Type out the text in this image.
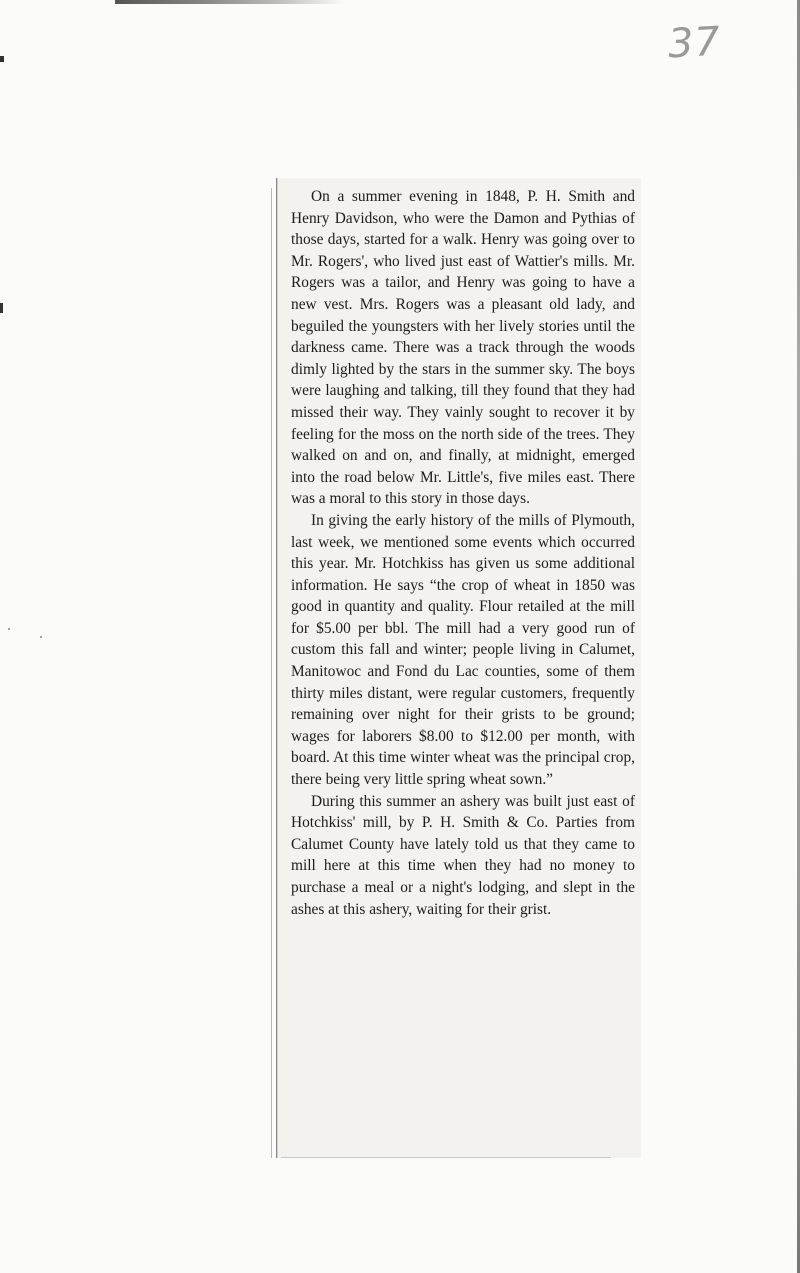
37

On a summer evening in 1848, P. H. Smith and Henry Davidson, who were the Damon and Pythias of those days, started for a walk. Henry was going over to Mr. Rogers', who lived just east of Wattier's mills. Mr. Rogers was a tailor, and Henry was going to have a new vest. Mrs. Rogers was a pleasant old lady, and beguiled the youngsters with her lively stories until the darkness came. There was a track through the woods dimly lighted by the stars in the summer sky. The boys were laughing and talking, till they found that they had missed their way. They vainly sought to recover it by feeling for the moss on the north side of the trees. They walked on and on, and finally, at midnight, emerged into the road below Mr. Little's, five miles east. There was a moral to this story in those days.

In giving the early history of the mills of Plymouth, last week, we mentioned some events which occurred this year. Mr. Hotchkiss has given us some additional information. He says “the crop of wheat in 1850 was good in quantity and quality. Flour retailed at the mill for $5.00 per bbl. The mill had a very good run of custom this fall and winter; people living in Calumet, Manitowoc and Fond du Lac counties, some of them thirty miles distant, were regular customers, frequently remaining over night for their grists to be ground; wages for laborers $8.00 to $12.00 per month, with board. At this time winter wheat was the principal crop, there being very little spring wheat sown.”

During this summer an ashery was built just east of Hotchkiss' mill, by P. H. Smith & Co. Parties from Calumet County have lately told us that they came to mill here at this time when they had no money to purchase a meal or a night's lodging, and slept in the ashes at this ashery, waiting for their grist.
